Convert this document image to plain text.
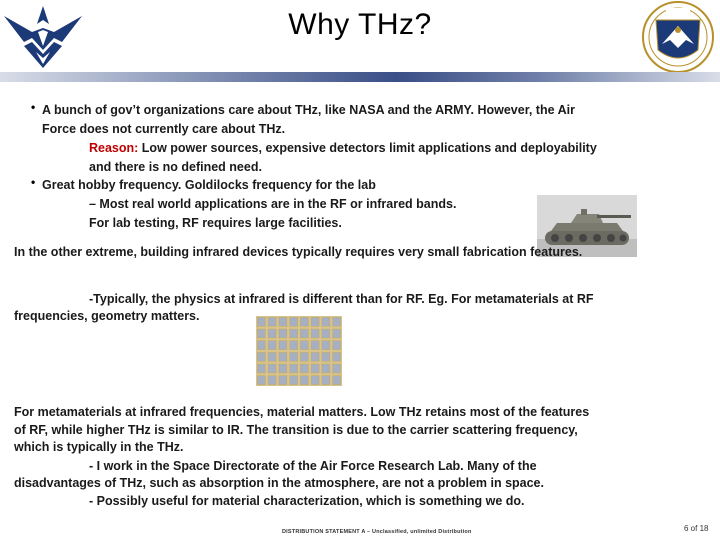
Why THz?
• A bunch of gov’t organizations care about THz, like NASA and the ARMY. However, the Air
Force does not currently care about THz.
Reason: Low power sources, expensive detectors limit applications and deployability
and there is no defined need.
• Great hobby frequency. Goldilocks frequency for the lab
– Most real world applications are in the RF or infrared bands.
For lab testing, RF requires large facilities.
In the other extreme, building infrared devices typically requires very small fabrication features.
-Typically, the physics at infrared is different than for RF. Eg. For metamaterials at RF
frequencies, geometry matters.
For metamaterials at infrared frequencies, material matters. Low THz retains most of the features
of RF, while higher THz is similar to IR. The transition is due to the carrier scattering frequency,
which is typically in the THz.
- I work in the Space Directorate of the Air Force Research Lab. Many of the
disadvantages of THz, such as absorption in the atmosphere, are not a problem in space.
- Possibly useful for material characterization, which is something we do.
DISTRIBUTION STATEMENT A – Unclassified, unlimited Distribution	6 of 18
